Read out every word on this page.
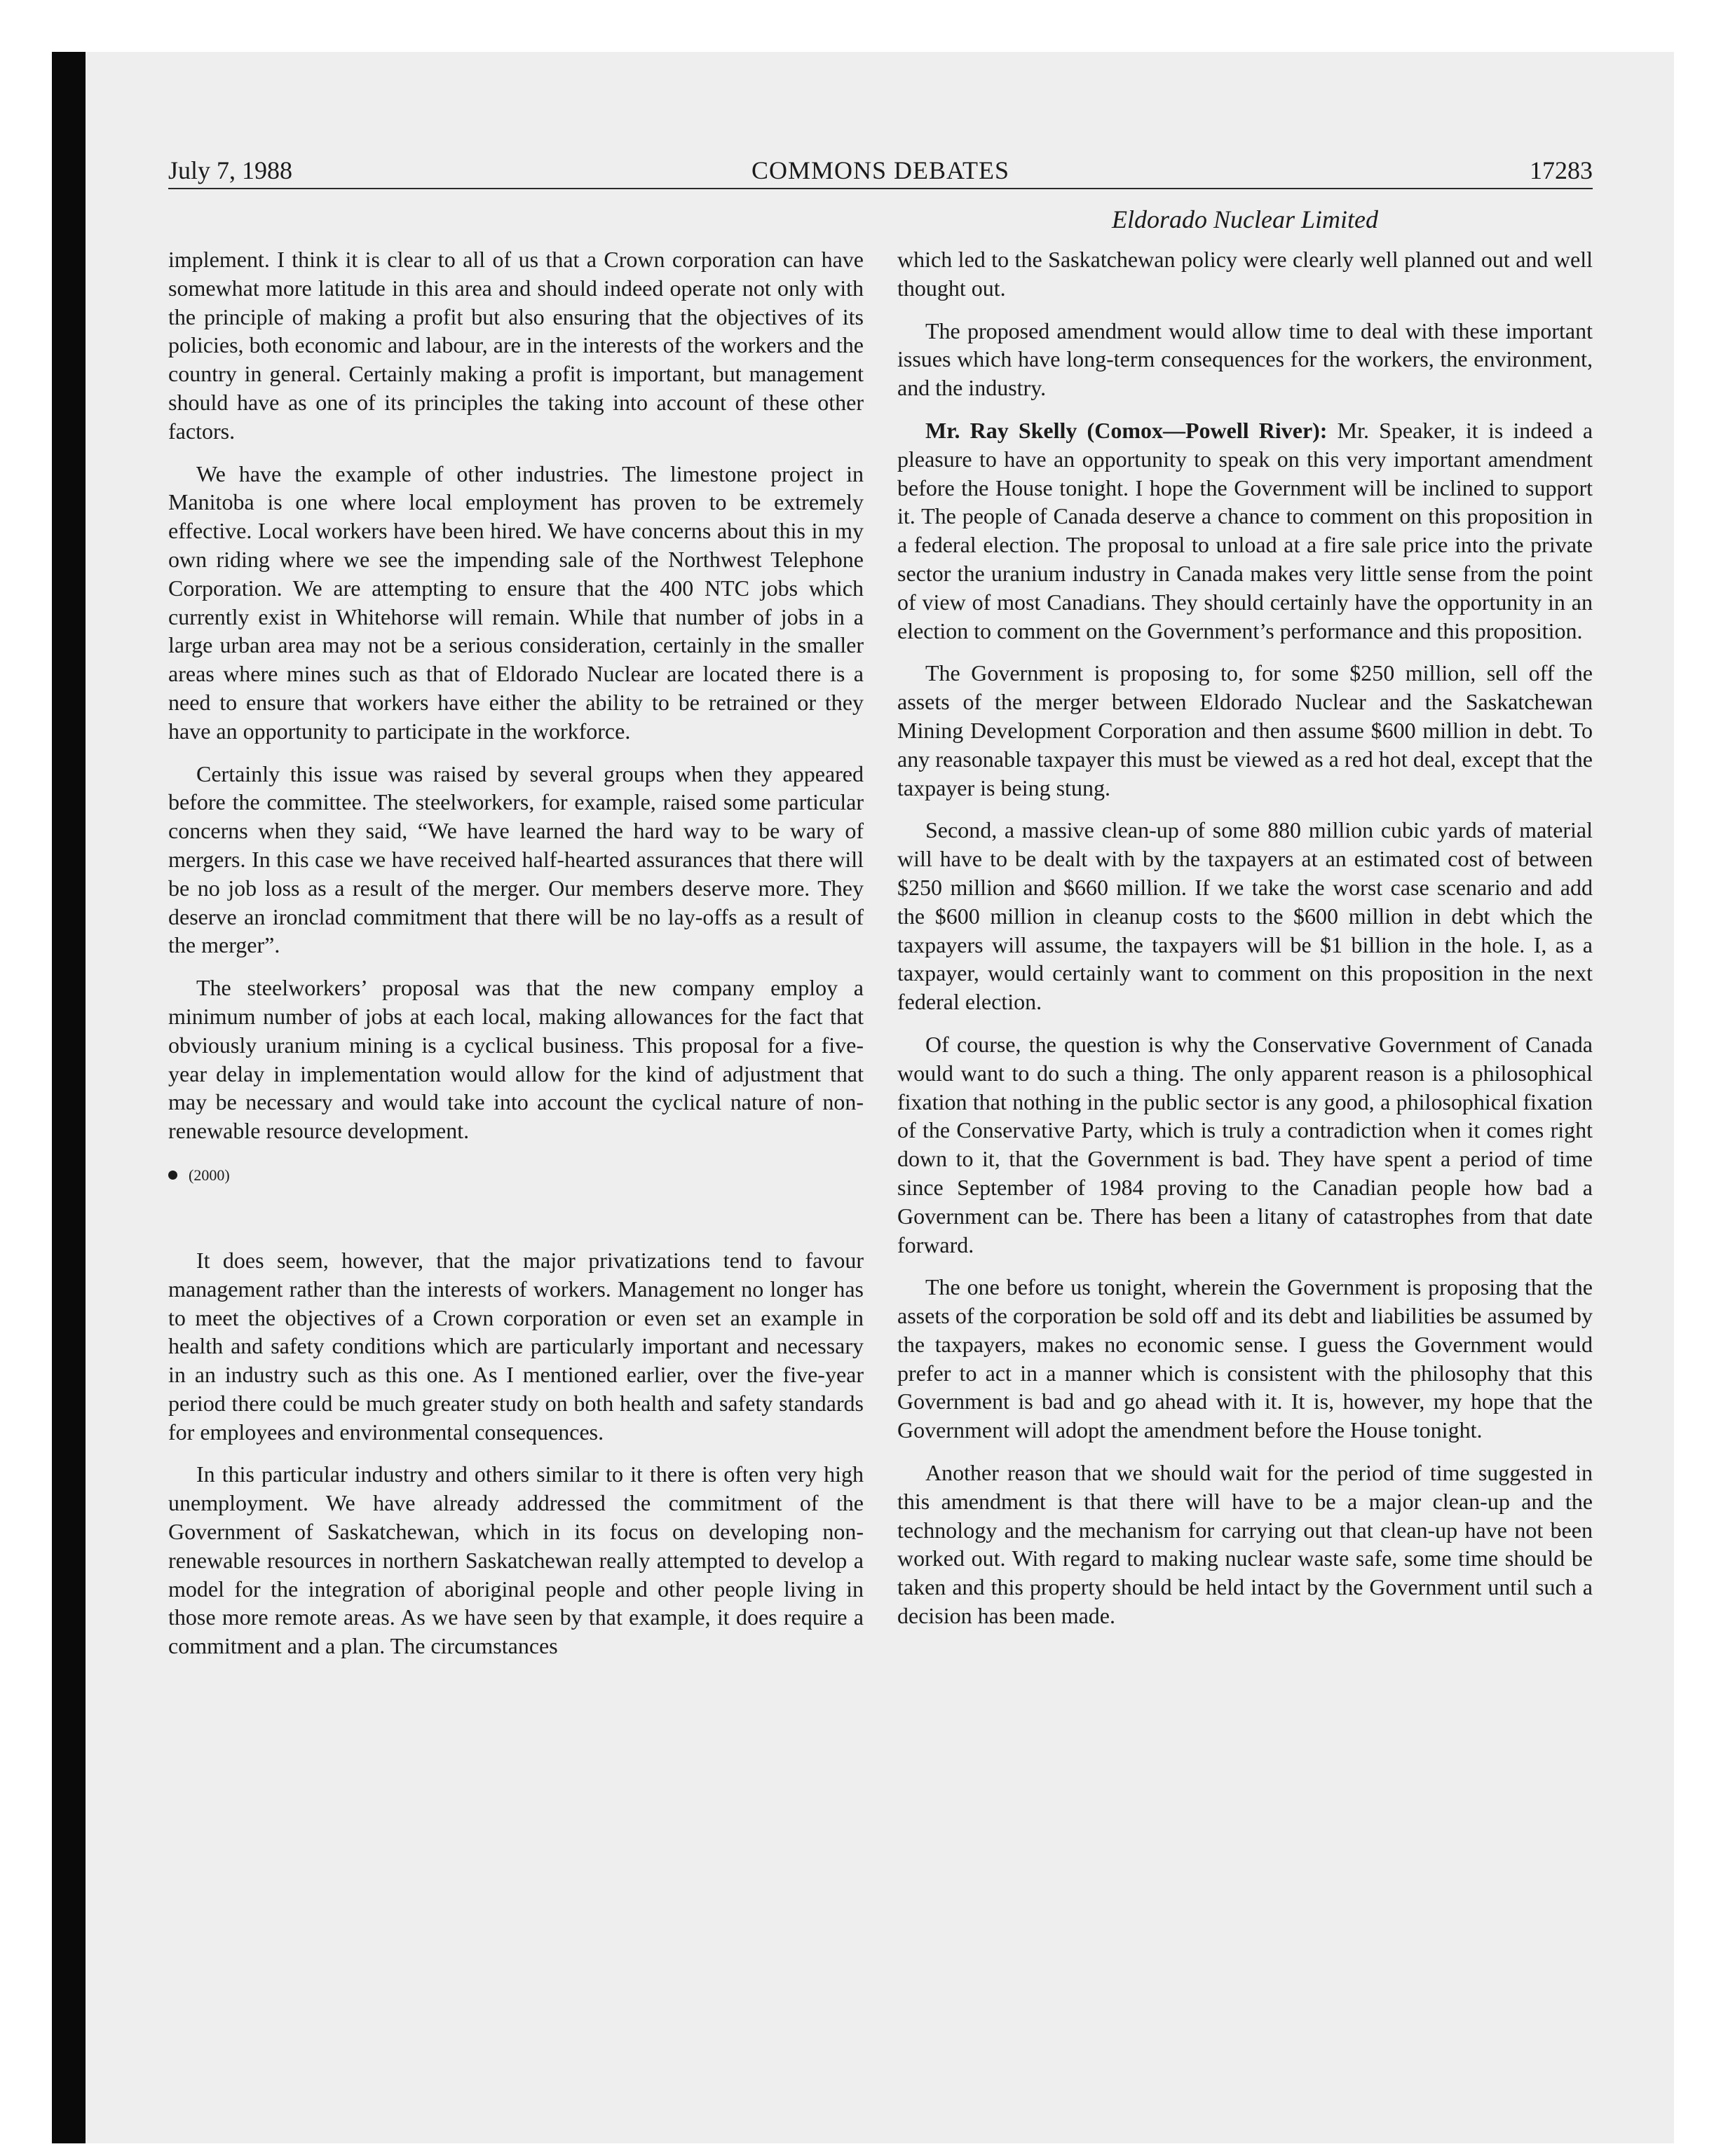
July 7, 1988	COMMONS DEBATES	17283
Eldorado Nuclear Limited

implement. I think it is clear to all of us that a Crown corporation can have somewhat more latitude in this area and should indeed operate not only with the principle of making a profit but also ensuring that the objectives of its policies, both economic and labour, are in the interests of the workers and the country in general. Certainly making a profit is important, but management should have as one of its principles the taking into account of these other factors.

We have the example of other industries. The limestone project in Manitoba is one where local employment has proven to be extremely effective. Local workers have been hired. We have concerns about this in my own riding where we see the impending sale of the Northwest Telephone Corporation. We are attempting to ensure that the 400 NTC jobs which currently exist in Whitehorse will remain. While that number of jobs in a large urban area may not be a serious consideration, certainly in the smaller areas where mines such as that of Eldorado Nuclear are located there is a need to ensure that workers have either the ability to be retrained or they have an opportunity to participate in the workforce.

Certainly this issue was raised by several groups when they appeared before the committee. The steelworkers, for example, raised some particular concerns when they said, “We have learned the hard way to be wary of mergers. In this case we have received half-hearted assurances that there will be no job loss as a result of the merger. Our members deserve more. They deserve an ironclad commitment that there will be no lay-offs as a result of the merger”.

The steelworkers’ proposal was that the new company employ a minimum number of jobs at each local, making allowances for the fact that obviously uranium mining is a cyclical business. This proposal for a five-year delay in implementation would allow for the kind of adjustment that may be necessary and would take into account the cyclical nature of non-renewable resource development.

(2000)

It does seem, however, that the major privatizations tend to favour management rather than the interests of workers. Management no longer has to meet the objectives of a Crown corporation or even set an example in health and safety conditions which are particularly important and necessary in an industry such as this one. As I mentioned earlier, over the five-year period there could be much greater study on both health and safety standards for employees and environmental consequences.

In this particular industry and others similar to it there is often very high unemployment. We have already addressed the commitment of the Government of Saskatchewan, which in its focus on developing non-renewable resources in northern Saskatchewan really attempted to develop a model for the integration of aboriginal people and other people living in those more remote areas. As we have seen by that example, it does require a commitment and a plan. The circumstances

which led to the Saskatchewan policy were clearly well planned out and well thought out.

The proposed amendment would allow time to deal with these important issues which have long-term consequences for the workers, the environment, and the industry.

Mr. Ray Skelly (Comox—Powell River): Mr. Speaker, it is indeed a pleasure to have an opportunity to speak on this very important amendment before the House tonight. I hope the Government will be inclined to support it. The people of Canada deserve a chance to comment on this proposition in a federal election. The proposal to unload at a fire sale price into the private sector the uranium industry in Canada makes very little sense from the point of view of most Canadians. They should certainly have the opportunity in an election to comment on the Government’s performance and this proposition.

The Government is proposing to, for some $250 million, sell off the assets of the merger between Eldorado Nuclear and the Saskatchewan Mining Development Corporation and then assume $600 million in debt. To any reasonable taxpayer this must be viewed as a red hot deal, except that the taxpayer is being stung.

Second, a massive clean-up of some 880 million cubic yards of material will have to be dealt with by the taxpayers at an estimated cost of between $250 million and $660 million. If we take the worst case scenario and add the $600 million in cleanup costs to the $600 million in debt which the taxpayers will assume, the taxpayers will be $1 billion in the hole. I, as a taxpayer, would certainly want to comment on this proposition in the next federal election.

Of course, the question is why the Conservative Government of Canada would want to do such a thing. The only apparent reason is a philosophical fixation that nothing in the public sector is any good, a philosophical fixation of the Conservative Party, which is truly a contradiction when it comes right down to it, that the Government is bad. They have spent a period of time since September of 1984 proving to the Canadian people how bad a Government can be. There has been a litany of catastrophes from that date forward.

The one before us tonight, wherein the Government is proposing that the assets of the corporation be sold off and its debt and liabilities be assumed by the taxpayers, makes no economic sense. I guess the Government would prefer to act in a manner which is consistent with the philosophy that this Government is bad and go ahead with it. It is, however, my hope that the Government will adopt the amendment before the House tonight.

Another reason that we should wait for the period of time suggested in this amendment is that there will have to be a major clean-up and the technology and the mechanism for carrying out that clean-up have not been worked out. With regard to making nuclear waste safe, some time should be taken and this property should be held intact by the Government until such a decision has been made.
